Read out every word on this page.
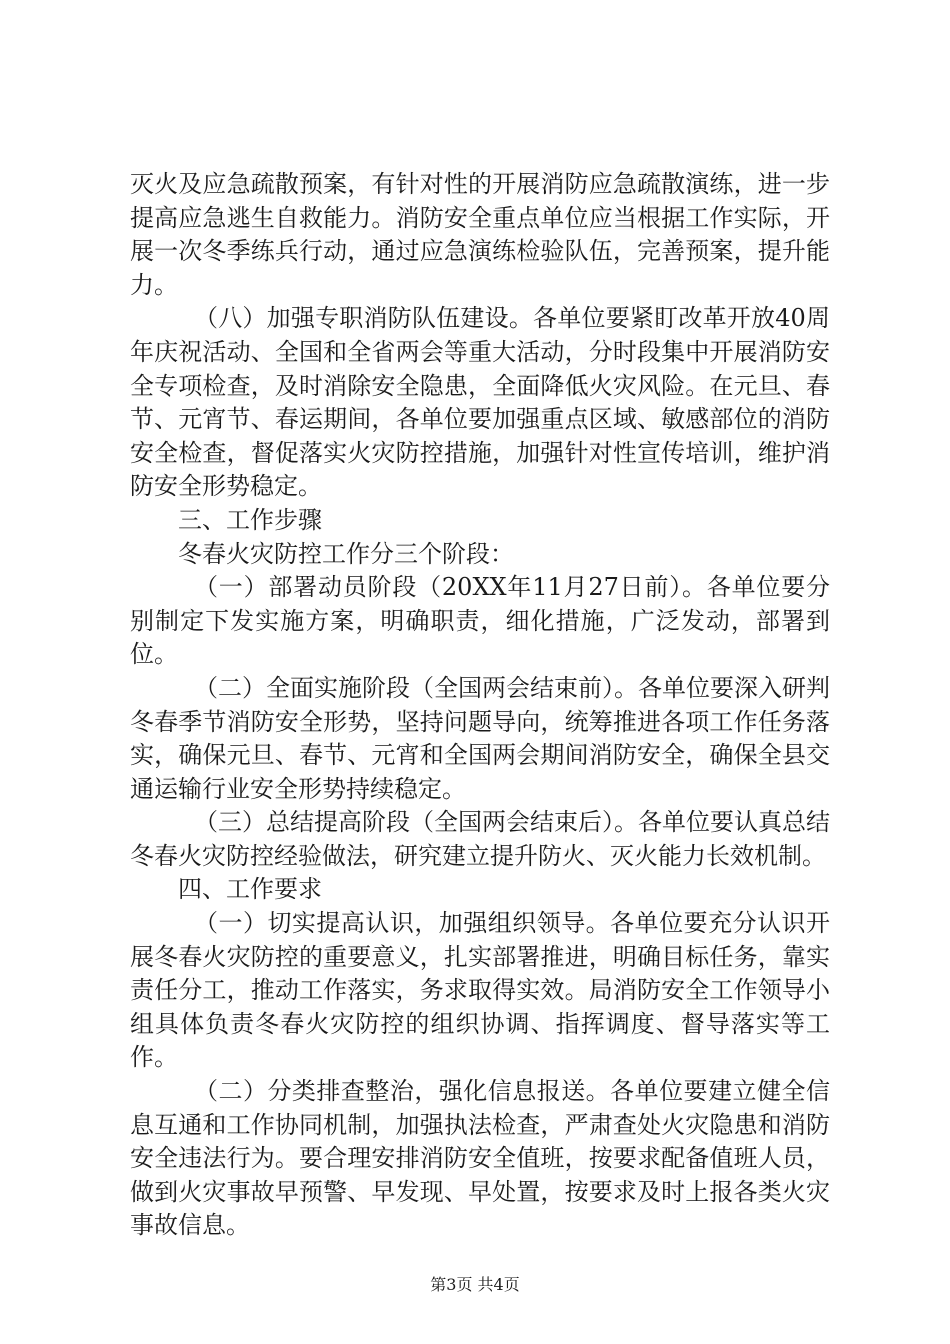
灭火及应急疏散预案，有针对性的开展消防应急疏散演练，进一步提高应急逃生自救能力。消防安全重点单位应当根据工作实际，开展一次冬季练兵行动，通过应急演练检验队伍，完善预案，提升能力。

（八）加强专职消防队伍建设。各单位要紧盯改革开放40周年庆祝活动、全国和全省两会等重大活动，分时段集中开展消防安全专项检查，及时消除安全隐患，全面降低火灾风险。在元旦、春节、元宵节、春运期间，各单位要加强重点区域、敏感部位的消防安全检查，督促落实火灾防控措施，加强针对性宣传培训，维护消防安全形势稳定。

三、工作步骤

冬春火灾防控工作分三个阶段：

（一）部署动员阶段（20XX年11月27日前）。各单位要分别制定下发实施方案，明确职责，细化措施，广泛发动，部署到位。

（二）全面实施阶段（全国两会结束前）。各单位要深入研判冬春季节消防安全形势，坚持问题导向，统筹推进各项工作任务落实，确保元旦、春节、元宵和全国两会期间消防安全，确保全县交通运输行业安全形势持续稳定。

（三）总结提高阶段（全国两会结束后）。各单位要认真总结冬春火灾防控经验做法，研究建立提升防火、灭火能力长效机制。

四、工作要求

（一）切实提高认识，加强组织领导。各单位要充分认识开展冬春火灾防控的重要意义，扎实部署推进，明确目标任务，靠实责任分工，推动工作落实，务求取得实效。局消防安全工作领导小组具体负责冬春火灾防控的组织协调、指挥调度、督导落实等工作。

（二）分类排查整治，强化信息报送。各单位要建立健全信息互通和工作协同机制，加强执法检查，严肃查处火灾隐患和消防安全违法行为。要合理安排消防安全值班，按要求配备值班人员，做到火灾事故早预警、早发现、早处置，按要求及时上报各类火灾事故信息。

第3页 共4页
